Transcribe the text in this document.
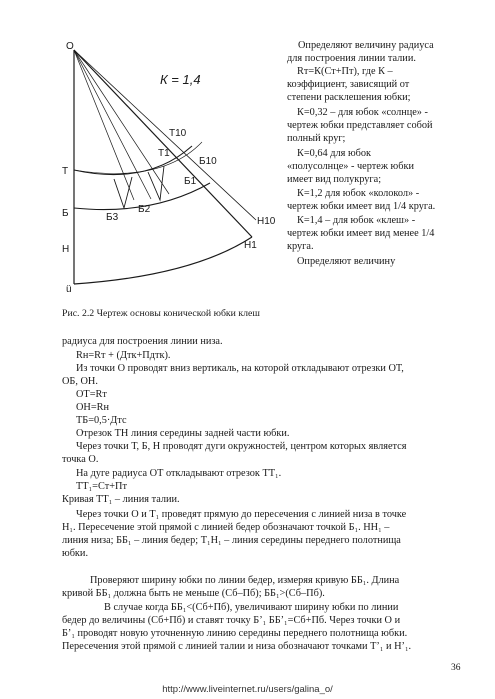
О
К = 1,4
Т
Б
Н
ü
Т10
Т1
Б10
Б1
Б2
Б3	Н10
Н1
Определяют величину радиуса
для построения линии талии.
Rт=К(Ст+Пт), где К –
коэффициент, зависящий от
степени расклешения юбки;
К=0,32 – для юбок «солнце» -
чертеж юбки представляет собой
полный круг;
К=0,64 для юбок
«полусолнце» - чертеж юбки
имеет вид полукруга;
К=1,2 для юбок «колокол» -
чертеж юбки имеет вид 1/4 круга.
К=1,4 – для юбок «клеш» -
чертеж юбки имеет вид менее 1/4
круга.
Определяют величину
Рис. 2.2 Чертеж основы конической юбки клеш
радиуса для построения линии низа.
Rн=Rт + (Дтк+Пдтк).
Из точки О проводят вниз вертикаль, на которой откладывают отрезки ОТ,
ОБ, ОН.
ОТ=Rт
ОН=Rн
ТБ=0,5·Дтс
Отрезок ТН линия середины задней части юбки.
Через точки Т, Б, Н проводят дуги окружностей, центром которых является
точка О.
На дуге радиуса ОТ откладывают отрезок ТТ₁.
ТТ₁=Ст+Пт
Кривая ТТ₁ – линия талии.
Через точки О и Т₁ проведят прямую до пересечения с линией низа в точке
Н₁. Пересечение этой прямой с линией бедер обозначают точкой Б₁. НН₁ –
линия низа; ББ₁ – линия бедер; Т₁Н₁ – линия середины переднего полотнища
юбки.
Проверяют ширину юбки по линии бедер, измеряя кривую ББ₁. Длина
кривой ББ₁ должна быть не меньше (Сб–Пб); ББ₁>(Сб–Пб).
В случае когда ББ₁<(Сб+Пб), увеличивают ширину юбки по линии
бедер до величины (Сб+Пб) и ставят точку Б’₁ ББ’₁=Сб+Пб. Через точки О и
Б’₁ проводят новую уточненную линию середины переднего полотнища юбки.
Пересечения этой прямой с линией талии и низа обозначают точками Т’₁ и Н’₁.
36
http://www.liveinternet.ru/users/galina_o/
